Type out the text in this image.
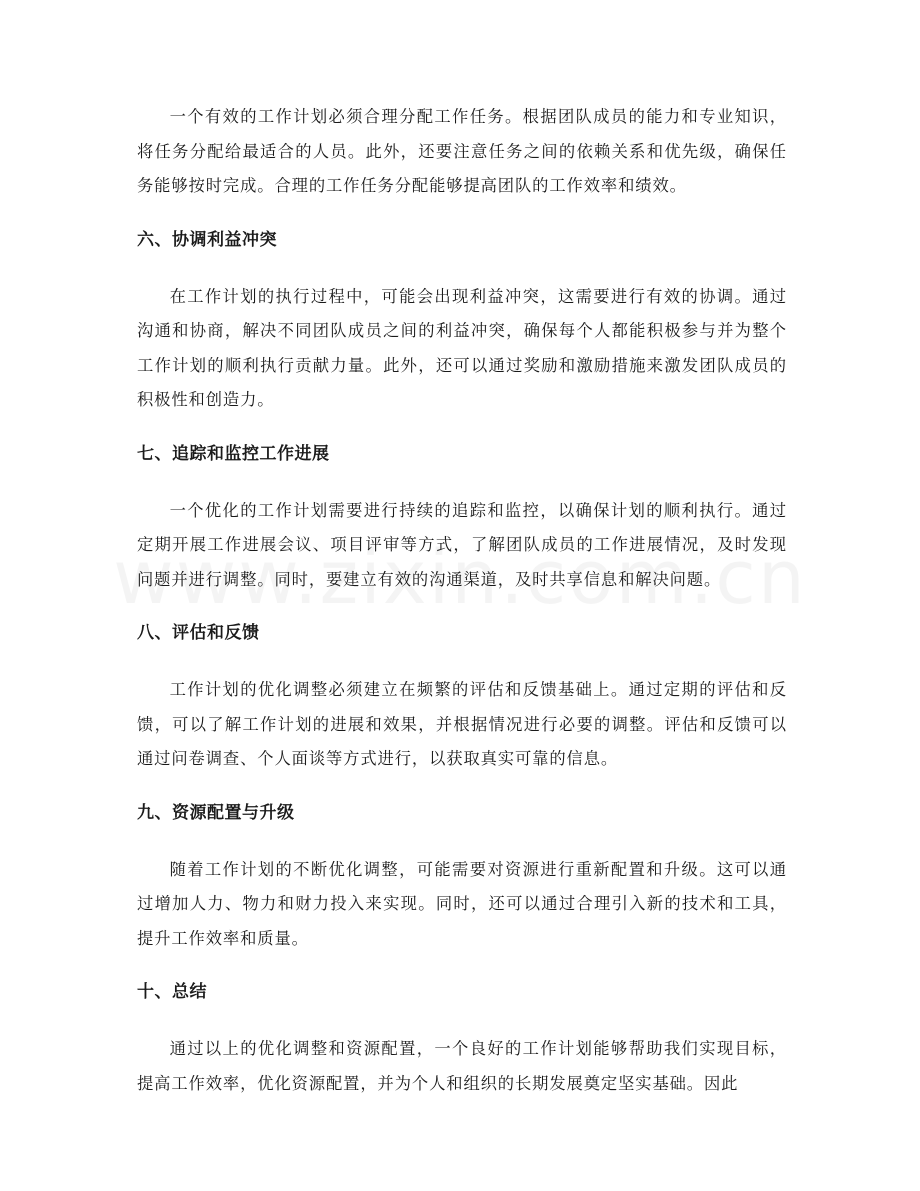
一个有效的工作计划必须合理分配工作任务。根据团队成员的能力和专业知识，将任务分配给最适合的人员。此外，还要注意任务之间的依赖关系和优先级，确保任务能够按时完成。合理的工作任务分配能够提高团队的工作效率和绩效。

六、协调利益冲突

在工作计划的执行过程中，可能会出现利益冲突，这需要进行有效的协调。通过沟通和协商，解决不同团队成员之间的利益冲突，确保每个人都能积极参与并为整个工作计划的顺利执行贡献力量。此外，还可以通过奖励和激励措施来激发团队成员的积极性和创造力。

七、追踪和监控工作进展

一个优化的工作计划需要进行持续的追踪和监控，以确保计划的顺利执行。通过定期开展工作进展会议、项目评审等方式，了解团队成员的工作进展情况，及时发现问题并进行调整。同时，要建立有效的沟通渠道，及时共享信息和解决问题。

八、评估和反馈

工作计划的优化调整必须建立在频繁的评估和反馈基础上。通过定期的评估和反馈，可以了解工作计划的进展和效果，并根据情况进行必要的调整。评估和反馈可以通过问卷调查、个人面谈等方式进行，以获取真实可靠的信息。

九、资源配置与升级

随着工作计划的不断优化调整，可能需要对资源进行重新配置和升级。这可以通过增加人力、物力和财力投入来实现。同时，还可以通过合理引入新的技术和工具，提升工作效率和质量。

十、总结

通过以上的优化调整和资源配置，一个良好的工作计划能够帮助我们实现目标，提高工作效率，优化资源配置，并为个人和组织的长期发展奠定坚实基础。因此
